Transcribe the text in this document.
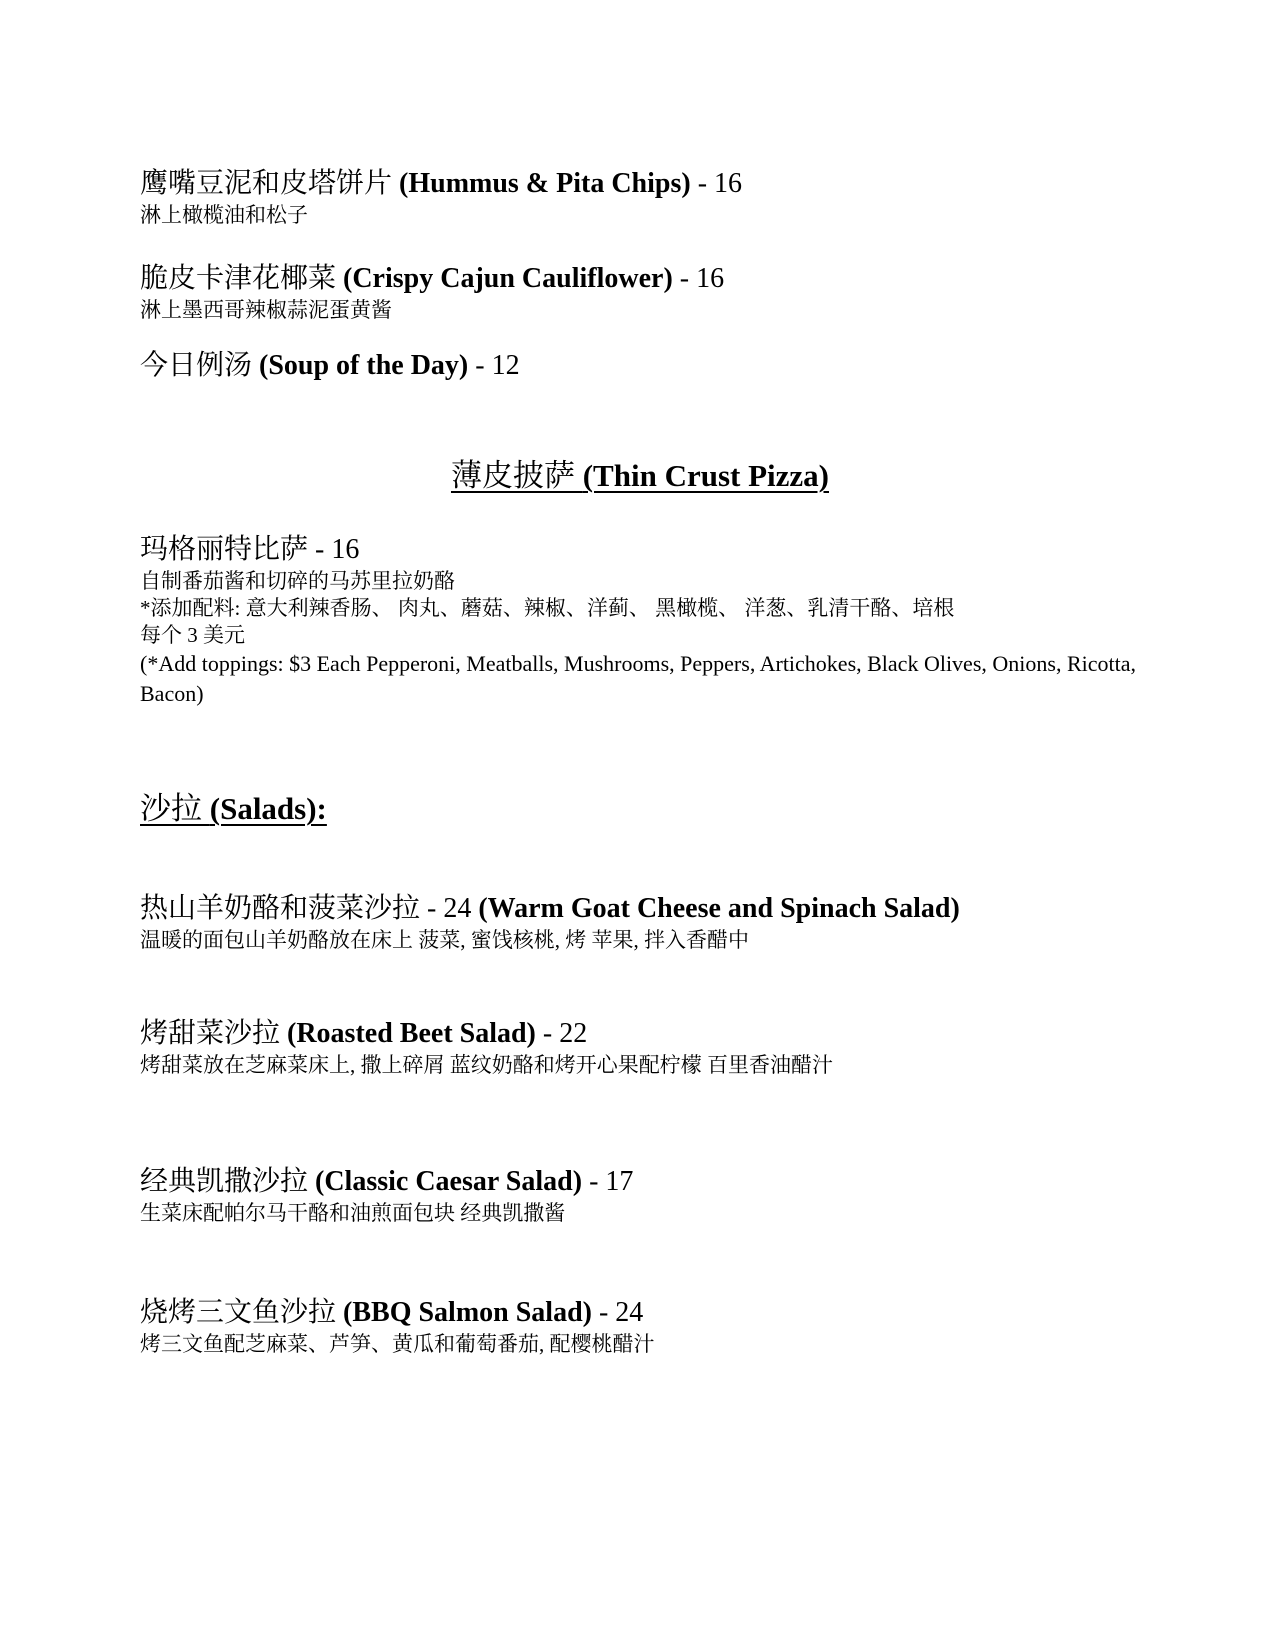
鹰嘴豆泥和皮塔饼片 (Hummus & Pita Chips) - 16
淋上橄榄油和松子
脆皮卡津花椰菜 (Crispy Cajun Cauliflower) - 16
淋上墨西哥辣椒蒜泥蛋黄酱
今日例汤 (Soup of the Day) - 12
薄皮披萨 (Thin Crust Pizza)
玛格丽特比萨 - 16
自制番茄酱和切碎的马苏里拉奶酪
*添加配料: 意大利辣香肠、 肉丸、蘑菇、辣椒、洋蓟、 黑橄榄、 洋葱、乳清干酪、培根
每个 3 美元
(*Add toppings: $3 Each Pepperoni, Meatballs, Mushrooms, Peppers, Artichokes, Black Olives, Onions, Ricotta, Bacon)
沙拉 (Salads):
热山羊奶酪和菠菜沙拉 - 24 (Warm Goat Cheese and Spinach Salad)
温暖的面包山羊奶酪放在床上 菠菜, 蜜饯核桃, 烤 苹果, 拌入香醋中
烤甜菜沙拉 (Roasted Beet Salad) - 22
烤甜菜放在芝麻菜床上, 撒上碎屑 蓝纹奶酪和烤开心果配柠檬 百里香油醋汁
经典凯撒沙拉 (Classic Caesar Salad) - 17
生菜床配帕尔马干酪和油煎面包块 经典凯撒酱
烧烤三文鱼沙拉 (BBQ Salmon Salad) - 24
烤三文鱼配芝麻菜、芦笋、黄瓜和葡萄番茄, 配樱桃醋汁
